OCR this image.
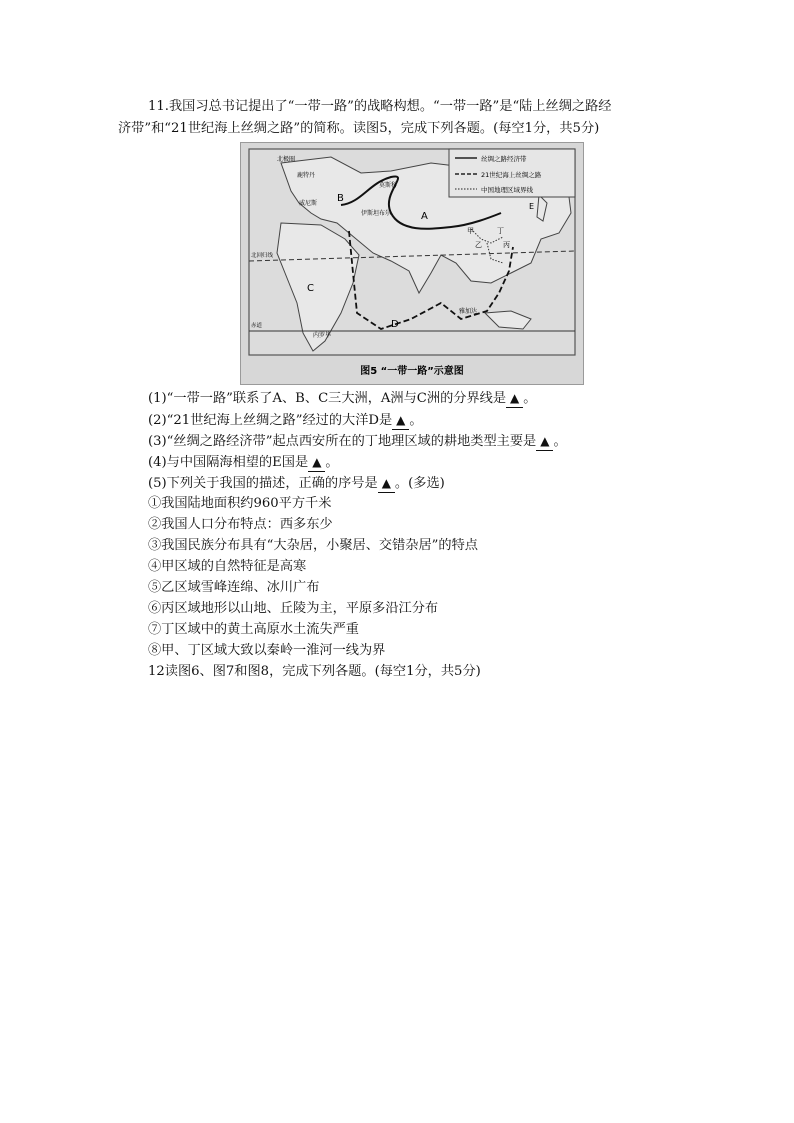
11.我国习总书记提出了“一带一路”的战略构想。“一带一路”是“陆上丝绸之路经
济带”和“21世纪海上丝绸之路”的简称。读图5，完成下列各题。(每空1分，共5分)
丝绸之路经济带
21世纪海上丝绸之路
中国地理区域界线
B
A
C
D
E
甲
乙	丙
丁
北极圈
鹿特丹
莫斯科
伊斯坦布尔
威尼斯
内罗毕
雅加达
北回归线
赤道
图5 “一带一路”示意图
(1)“一带一路”联系了A、B、C三大洲，A洲与C洲的分界线是 ▲ 。
(2)“21世纪海上丝绸之路”经过的大洋D是 ▲ 。
(3)“丝绸之路经济带”起点西安所在的丁地理区域的耕地类型主要是 ▲ 。
(4)与中国隔海相望的E国是 ▲ 。
(5)下列关于我国的描述，正确的序号是 ▲ 。(多选)
①我国陆地面积约960平方千米
②我国人口分布特点：西多东少
③我国民族分布具有“大杂居，小聚居、交错杂居”的特点
④甲区域的自然特征是高寒
⑤乙区域雪峰连绵、冰川广布
⑥丙区域地形以山地、丘陵为主，平原多沿江分布
⑦丁区域中的黄土高原水土流失严重
⑧甲、丁区域大致以秦岭一淮河一线为界
12读图6、图7和图8，完成下列各题。(每空1分，共5分)
